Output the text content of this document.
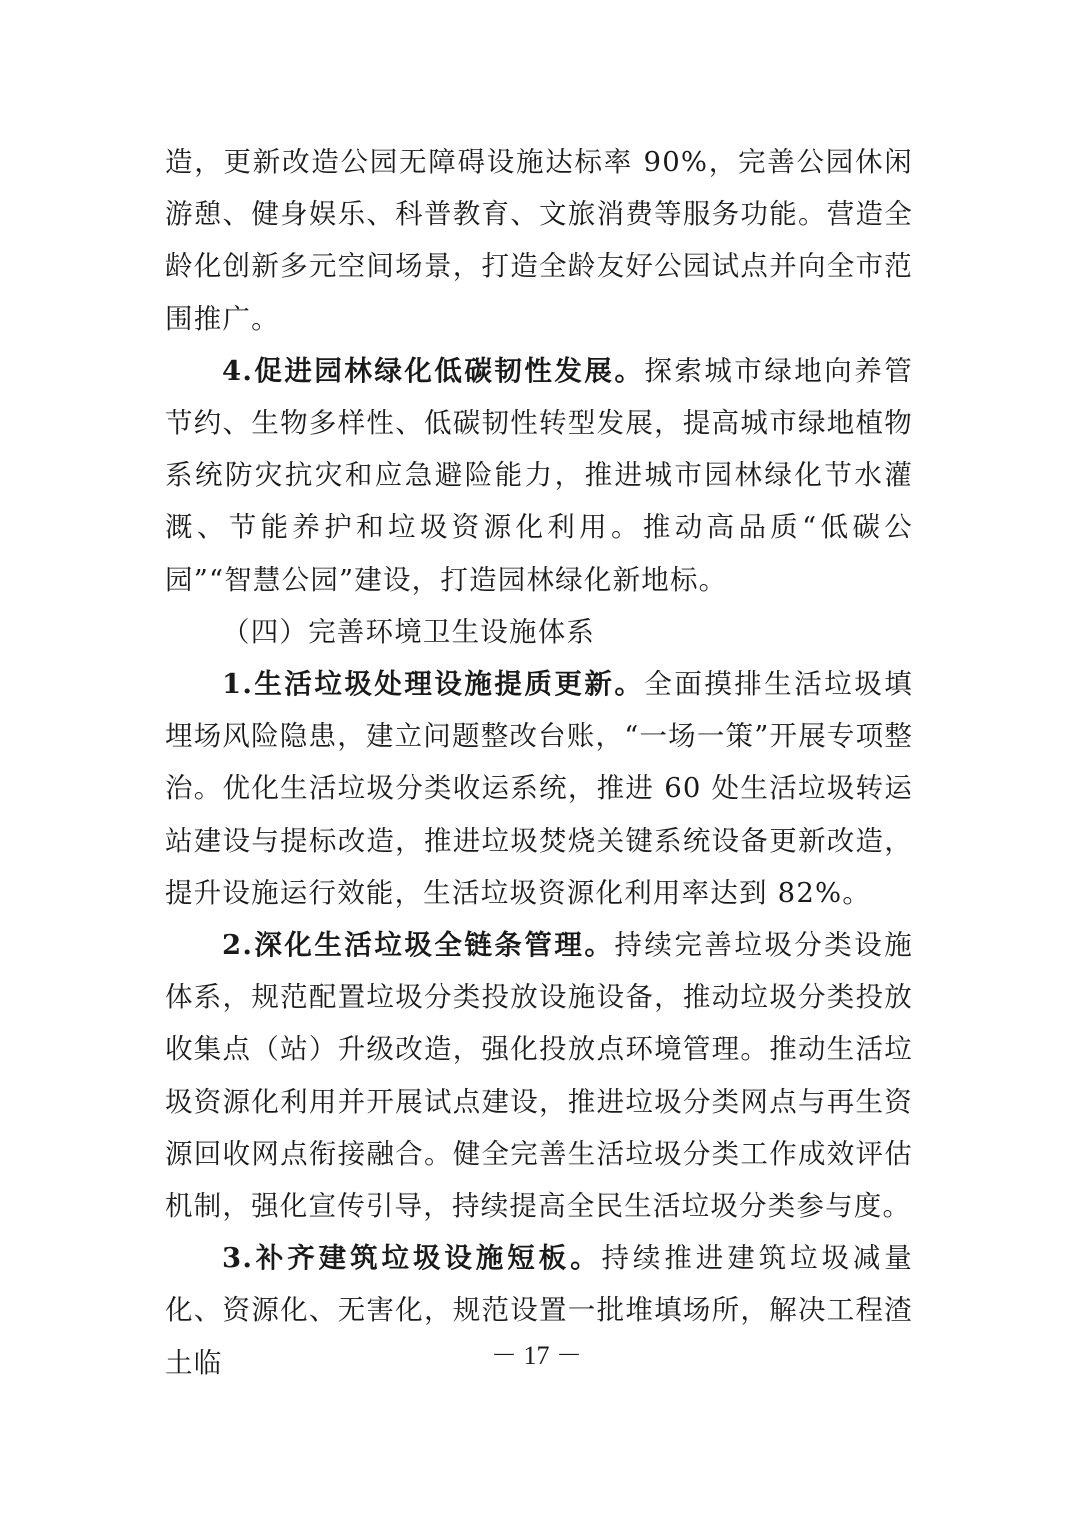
造，更新改造公园无障碍设施达标率 90%，完善公园休闲游憩、健身娱乐、科普教育、文旅消费等服务功能。营造全龄化创新多元空间场景，打造全龄友好公园试点并向全市范围推广。

4.促进园林绿化低碳韧性发展。探索城市绿地向养管节约、生物多样性、低碳韧性转型发展，提高城市绿地植物系统防灾抗灾和应急避险能力，推进城市园林绿化节水灌溉、节能养护和垃圾资源化利用。推动高品质“低碳公园”“智慧公园”建设，打造园林绿化新地标。

（四）完善环境卫生设施体系

1.生活垃圾处理设施提质更新。全面摸排生活垃圾填埋场风险隐患，建立问题整改台账，“一场一策”开展专项整治。优化生活垃圾分类收运系统，推进 60 处生活垃圾转运站建设与提标改造，推进垃圾焚烧关键系统设备更新改造，提升设施运行效能，生活垃圾资源化利用率达到 82%。

2.深化生活垃圾全链条管理。持续完善垃圾分类设施体系，规范配置垃圾分类投放设施设备，推动垃圾分类投放收集点（站）升级改造，强化投放点环境管理。推动生活垃圾资源化利用并开展试点建设，推进垃圾分类网点与再生资源回收网点衔接融合。健全完善生活垃圾分类工作成效评估机制，强化宣传引导，持续提高全民生活垃圾分类参与度。

3.补齐建筑垃圾设施短板。持续推进建筑垃圾减量化、资源化、无害化，规范设置一批堆填场所，解决工程渣土临	－ 17 －
